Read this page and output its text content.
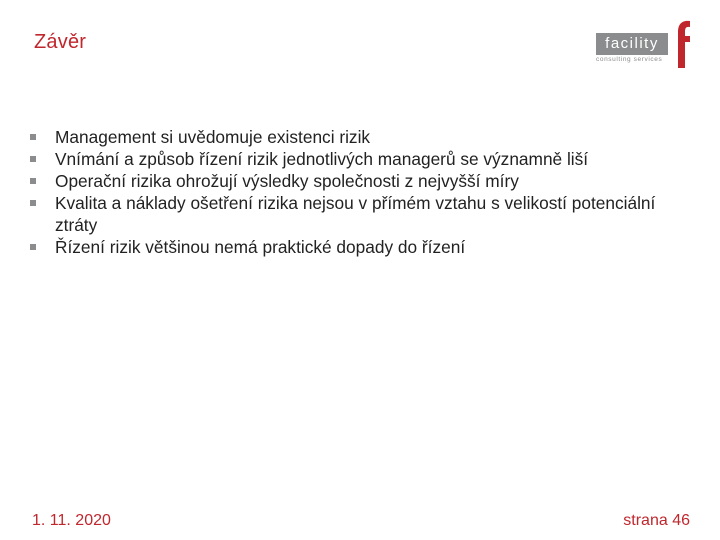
Závěr	facility
consulting services
Management si uvědomuje existenci rizik
Vnímání a způsob řízení rizik jednotlivých managerů se významně liší
Operační rizika ohrožují výsledky společnosti z nejvyšší míry
Kvalita a náklady ošetření rizika nejsou v přímém vztahu s velikostí potenciální ztráty
Řízení rizik většinou nemá praktické dopady do řízení
1. 11. 2020	strana 46
